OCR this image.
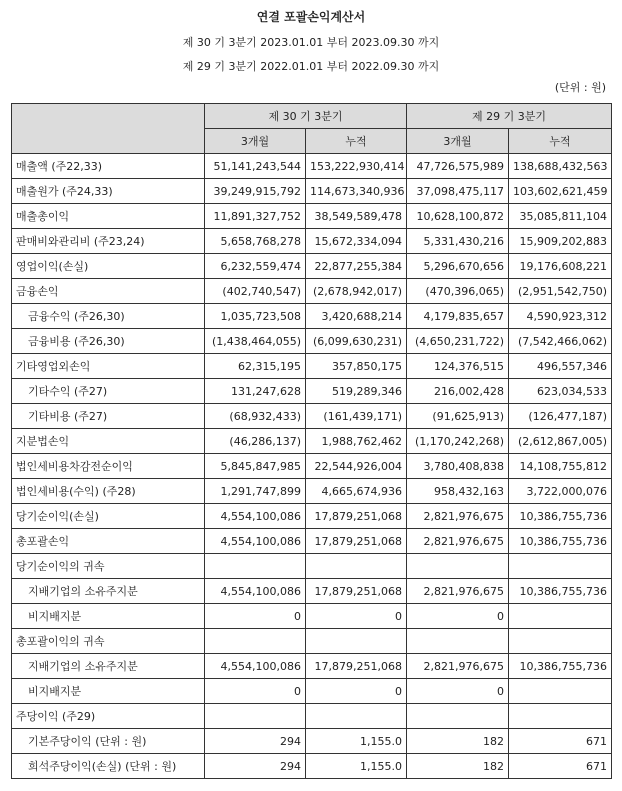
연결 포괄손익계산서
제 30 기 3분기 2023.01.01 부터 2023.09.30 까지
제 29 기 3분기 2022.01.01 부터 2022.09.30 까지
(단위 : 원)
	제 30 기 3분기		제 29 기 3분기	
	3개월	누적	3개월	누적
매출액 (주22,33)	51,141,243,544	153,222,930,414	47,726,575,989	138,688,432,563
매출원가 (주24,33)	39,249,915,792	114,673,340,936	37,098,475,117	103,602,621,459
매출총이익	11,891,327,752	38,549,589,478	10,628,100,872	35,085,811,104
판매비와관리비 (주23,24)	5,658,768,278	15,672,334,094	5,331,430,216	15,909,202,883
영업이익(손실)	6,232,559,474	22,877,255,384	5,296,670,656	19,176,608,221
금융손익	(402,740,547)	(2,678,942,017)	(470,396,065)	(2,951,542,750)
금융수익 (주26,30)	1,035,723,508	3,420,688,214	4,179,835,657	4,590,923,312
금융비용 (주26,30)	(1,438,464,055)	(6,099,630,231)	(4,650,231,722)	(7,542,466,062)
기타영업외손익	62,315,195	357,850,175	124,376,515	496,557,346
기타수익 (주27)	131,247,628	519,289,346	216,002,428	623,034,533
기타비용 (주27)	(68,932,433)	(161,439,171)	(91,625,913)	(126,477,187)
지분법손익	(46,286,137)	1,988,762,462	(1,170,242,268)	(2,612,867,005)
법인세비용차감전순이익	5,845,847,985	22,544,926,004	3,780,408,838	14,108,755,812
법인세비용(수익) (주28)	1,291,747,899	4,665,674,936	958,432,163	3,722,000,076
당기순이익(손실)	4,554,100,086	17,879,251,068	2,821,976,675	10,386,755,736
총포괄손익	4,554,100,086	17,879,251,068	2,821,976,675	10,386,755,736
당기순이익의 귀속				
지배기업의 소유주지분	4,554,100,086	17,879,251,068	2,821,976,675	10,386,755,736
비지배지분	0	0	0	
총포괄이익의 귀속				
지배기업의 소유주지분	4,554,100,086	17,879,251,068	2,821,976,675	10,386,755,736
비지배지분	0	0	0	
주당이익 (주29)				
기본주당이익 (단위 : 원)	294	1,155.0	182	671
희석주당이익(손실) (단위 : 원)	294	1,155.0	182	671
